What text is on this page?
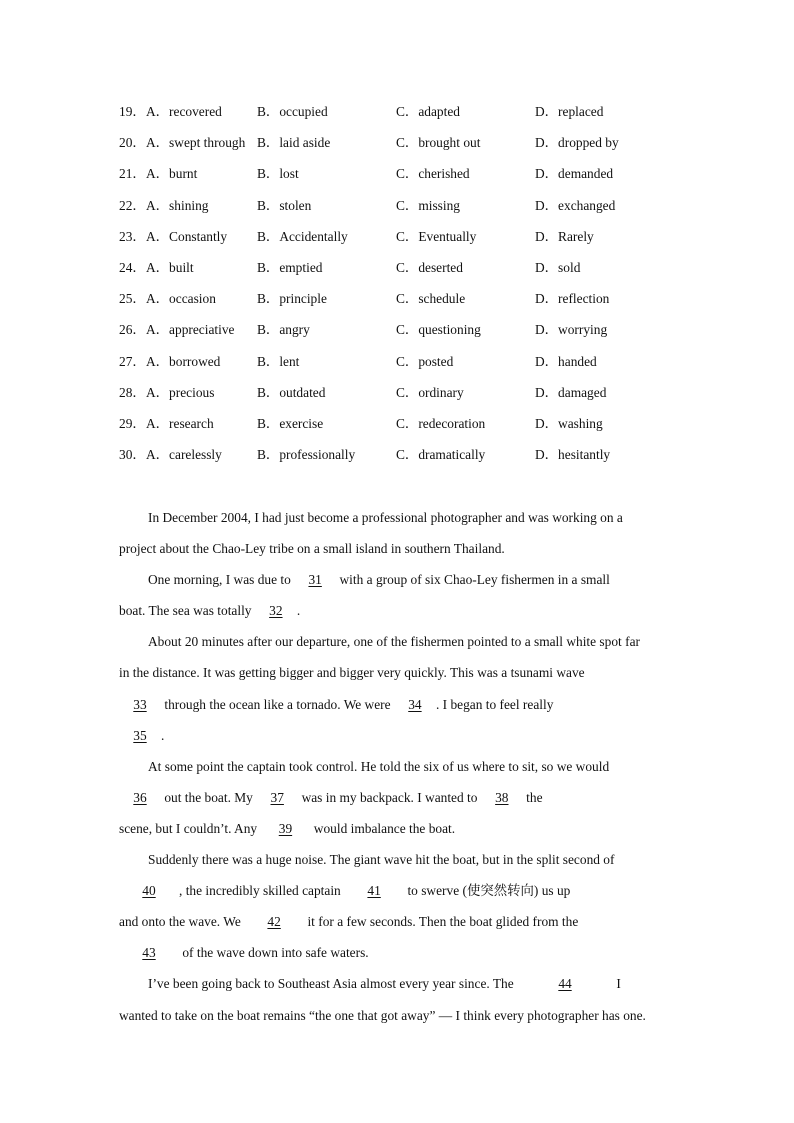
19． A．recovered	B．occupied	C．adapted	D．replaced
20． A．swept through B．laid aside	C．brought out	D．dropped by
21． A．burnt	B．lost	C．cherished	D．demanded
22． A．shining	B．stolen	C．missing	D．exchanged
23． A．Constantly B．Accidentally	C．Eventually	D．Rarely
24． A．built	B．emptied	C．deserted	D．sold
25． A．occasion	B．principle	C．schedule	D．reflection
26． A．appreciative B．angry	C．questioning	D．worrying
27． A．borrowed	B．lent	C．posted	D．handed
28． A．precious	B．outdated	C．ordinary	D．damaged
29． A．research	B．exercise	C．redecoration	D．washing
30． A．carelessly	B．professionally	C．dramatically	D．hesitantly
In December 2004, I had just become a professional photographer and was working on a
project about the Chao-Ley tribe on a small island in southern Thailand.
One morning, I was due to 31 with a group of six Chao-Ley fishermen in a small
boat. The sea was totally 32 .
About 20 minutes after our departure, one of the fishermen pointed to a small white spot far
in the distance. It was getting bigger and bigger very quickly. This was a tsunami wave
33 through the ocean like a tornado. We were 34 . I began to feel really
35 .
At some point the captain took control. He told the six of us where to sit, so we would
36 out the boat. My 37 was in my backpack. I wanted to 38 the
scene, but I couldn’t. Any 39 would imbalance the boat.
Suddenly there was a huge noise. The giant wave hit the boat, but in the split second of
40 , the incredibly skilled captain 41 to swerve (使突然转向) us up
and onto the wave. We 42 it for a few seconds. Then the boat glided from the
43 of the wave down into safe waters.
I’ve been going back to Southeast Asia almost every year since. The	44	I
wanted to take on the boat remains “the one that got away” — I think every photographer has one.
